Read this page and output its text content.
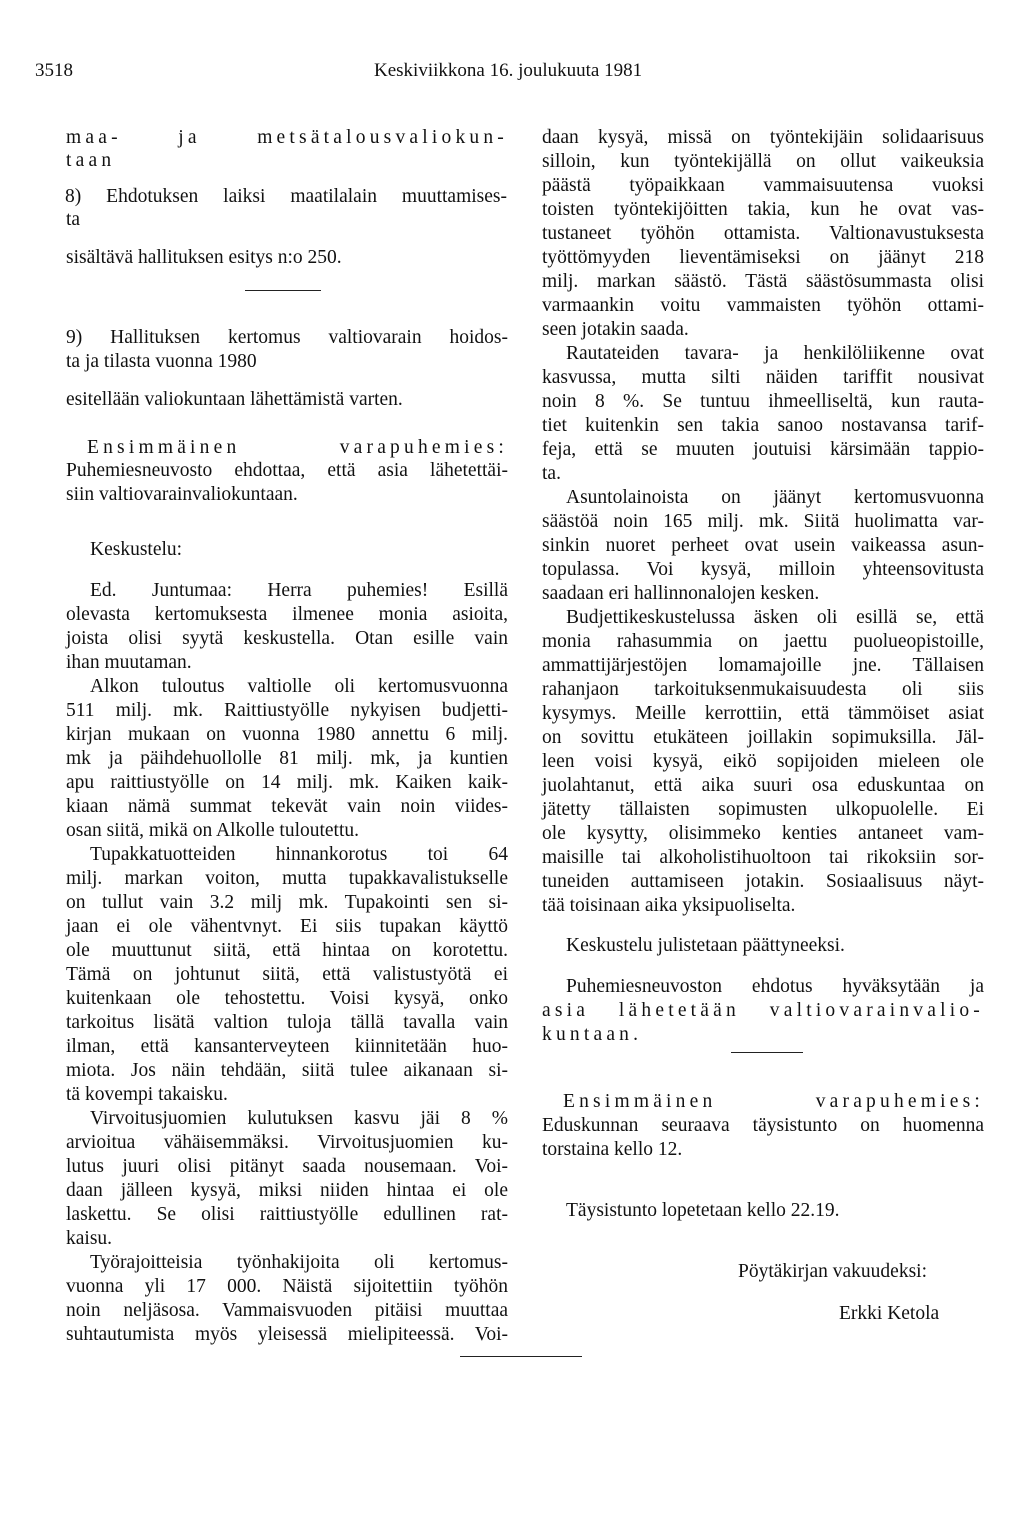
3518	Keskiviikkona 16. joulukuuta 1981
maa- ja metsätalousvaliokun-
taan
8) Ehdotuksen laiksi maatilalain muuttamises-
ta
sisältävä hallituksen esitys n:o 250.
9) Hallituksen kertomus valtiovarain hoidos-
ta ja tilasta vuonna 1980
esitellään valiokuntaan lähettämistä varten.
Ensimmäinen varapuhemies:
Puhemiesneuvosto ehdottaa, että asia lähetettäi-
siin valtiovarainvaliokuntaan.
Keskustelu:
Ed. Juntumaa: Herra puhemies! Esillä
olevasta kertomuksesta ilmenee monia asioita,
joista olisi syytä keskustella. Otan esille vain
ihan muutaman.
Alkon tuloutus valtiolle oli kertomusvuonna
511 milj. mk. Raittiustyölle nykyisen budjetti-
kirjan mukaan on vuonna 1980 annettu 6 milj.
mk ja päihdehuollolle 81 milj. mk, ja kuntien
apu raittiustyölle on 14 milj. mk. Kaiken kaik-
kiaan nämä summat tekevät vain noin viides-
osan siitä, mikä on Alkolle tuloutettu.
Tupakkatuotteiden hinnankorotus toi 64
milj. markan voiton, mutta tupakkavalistukselle
on tullut vain 3.2 milj mk. Tupakointi sen si-
jaan ei ole vähentvnyt. Ei siis tupakan käyttö
ole muuttunut siitä, että hintaa on korotettu.
Tämä on johtunut siitä, että valistustyötä ei
kuitenkaan ole tehostettu. Voisi kysyä, onko
tarkoitus lisätä valtion tuloja tällä tavalla vain
ilman, että kansanterveyteen kiinnitetään huo-
miota. Jos näin tehdään, siitä tulee aikanaan si-
tä kovempi takaisku.
Virvoitusjuomien kulutuksen kasvu jäi 8 %
arvioitua vähäisemmäksi. Virvoitusjuomien ku-
lutus juuri olisi pitänyt saada nousemaan. Voi-
daan jälleen kysyä, miksi niiden hintaa ei ole
laskettu. Se olisi raittiustyölle edullinen rat-
kaisu.
Työrajoitteisia työnhakijoita oli kertomus-
vuonna yli 17 000. Näistä sijoitettiin työhön
noin neljäsosa. Vammaisvuoden pitäisi muuttaa
suhtautumista myös yleisessä mielipiteessä. Voi-
daan kysyä, missä on työntekijäin solidaarisuus
silloin, kun työntekijällä on ollut vaikeuksia
päästä työpaikkaan vammaisuutensa vuoksi
toisten työntekijöitten takia, kun he ovat vas-
tustaneet työhön ottamista. Valtionavustuksesta
työttömyyden lieventämiseksi on jäänyt 218
milj. markan säästö. Tästä säästösummasta olisi
varmaankin voitu vammaisten työhön ottami-
seen jotakin saada.
Rautateiden tavara- ja henkilöliikenne ovat
kasvussa, mutta silti näiden tariffit nousivat
noin 8 %. Se tuntuu ihmeelliseltä, kun rauta-
tiet kuitenkin sen takia sanoo nostavansa tarif-
feja, että se muuten joutuisi kärsimään tappio-
ta.
Asuntolainoista on jäänyt kertomusvuonna
säästöä noin 165 milj. mk. Siitä huolimatta var-
sinkin nuoret perheet ovat usein vaikeassa asun-
topulassa. Voi kysyä, milloin yhteensovitusta
saadaan eri hallinnonalojen kesken.
Budjettikeskustelussa äsken oli esillä se, että
monia rahasummia on jaettu puolueopistoille,
ammattijärjestöjen lomamajoille jne. Tällaisen
rahanjaon tarkoituksenmukaisuudesta oli siis
kysymys. Meille kerrottiin, että tämmöiset asiat
on sovittu etukäteen joillakin sopimuksilla. Jäl-
leen voisi kysyä, eikö sopijoiden mieleen ole
juolahtanut, että aika suuri osa eduskuntaa on
jätetty tällaisten sopimusten ulkopuolelle. Ei
ole kysytty, olisimmeko kenties antaneet vam-
maisille tai alkoholistihuoltoon tai rikoksiin sor-
tuneiden auttamiseen jotakin. Sosiaalisuus näyt-
tää toisinaan aika yksipuoliselta.
Keskustelu julistetaan päättyneeksi.
Puhemiesneuvoston ehdotus hyväksytään ja
asia lähetetään valtiovarainvalio-
kuntaan.
Ensimmäinen varapuhemies:
Eduskunnan seuraava täysistunto on huomenna
torstaina kello 12.
Täysistunto lopetetaan kello 22.19.
Pöytäkirjan vakuudeksi:
Erkki Ketola
